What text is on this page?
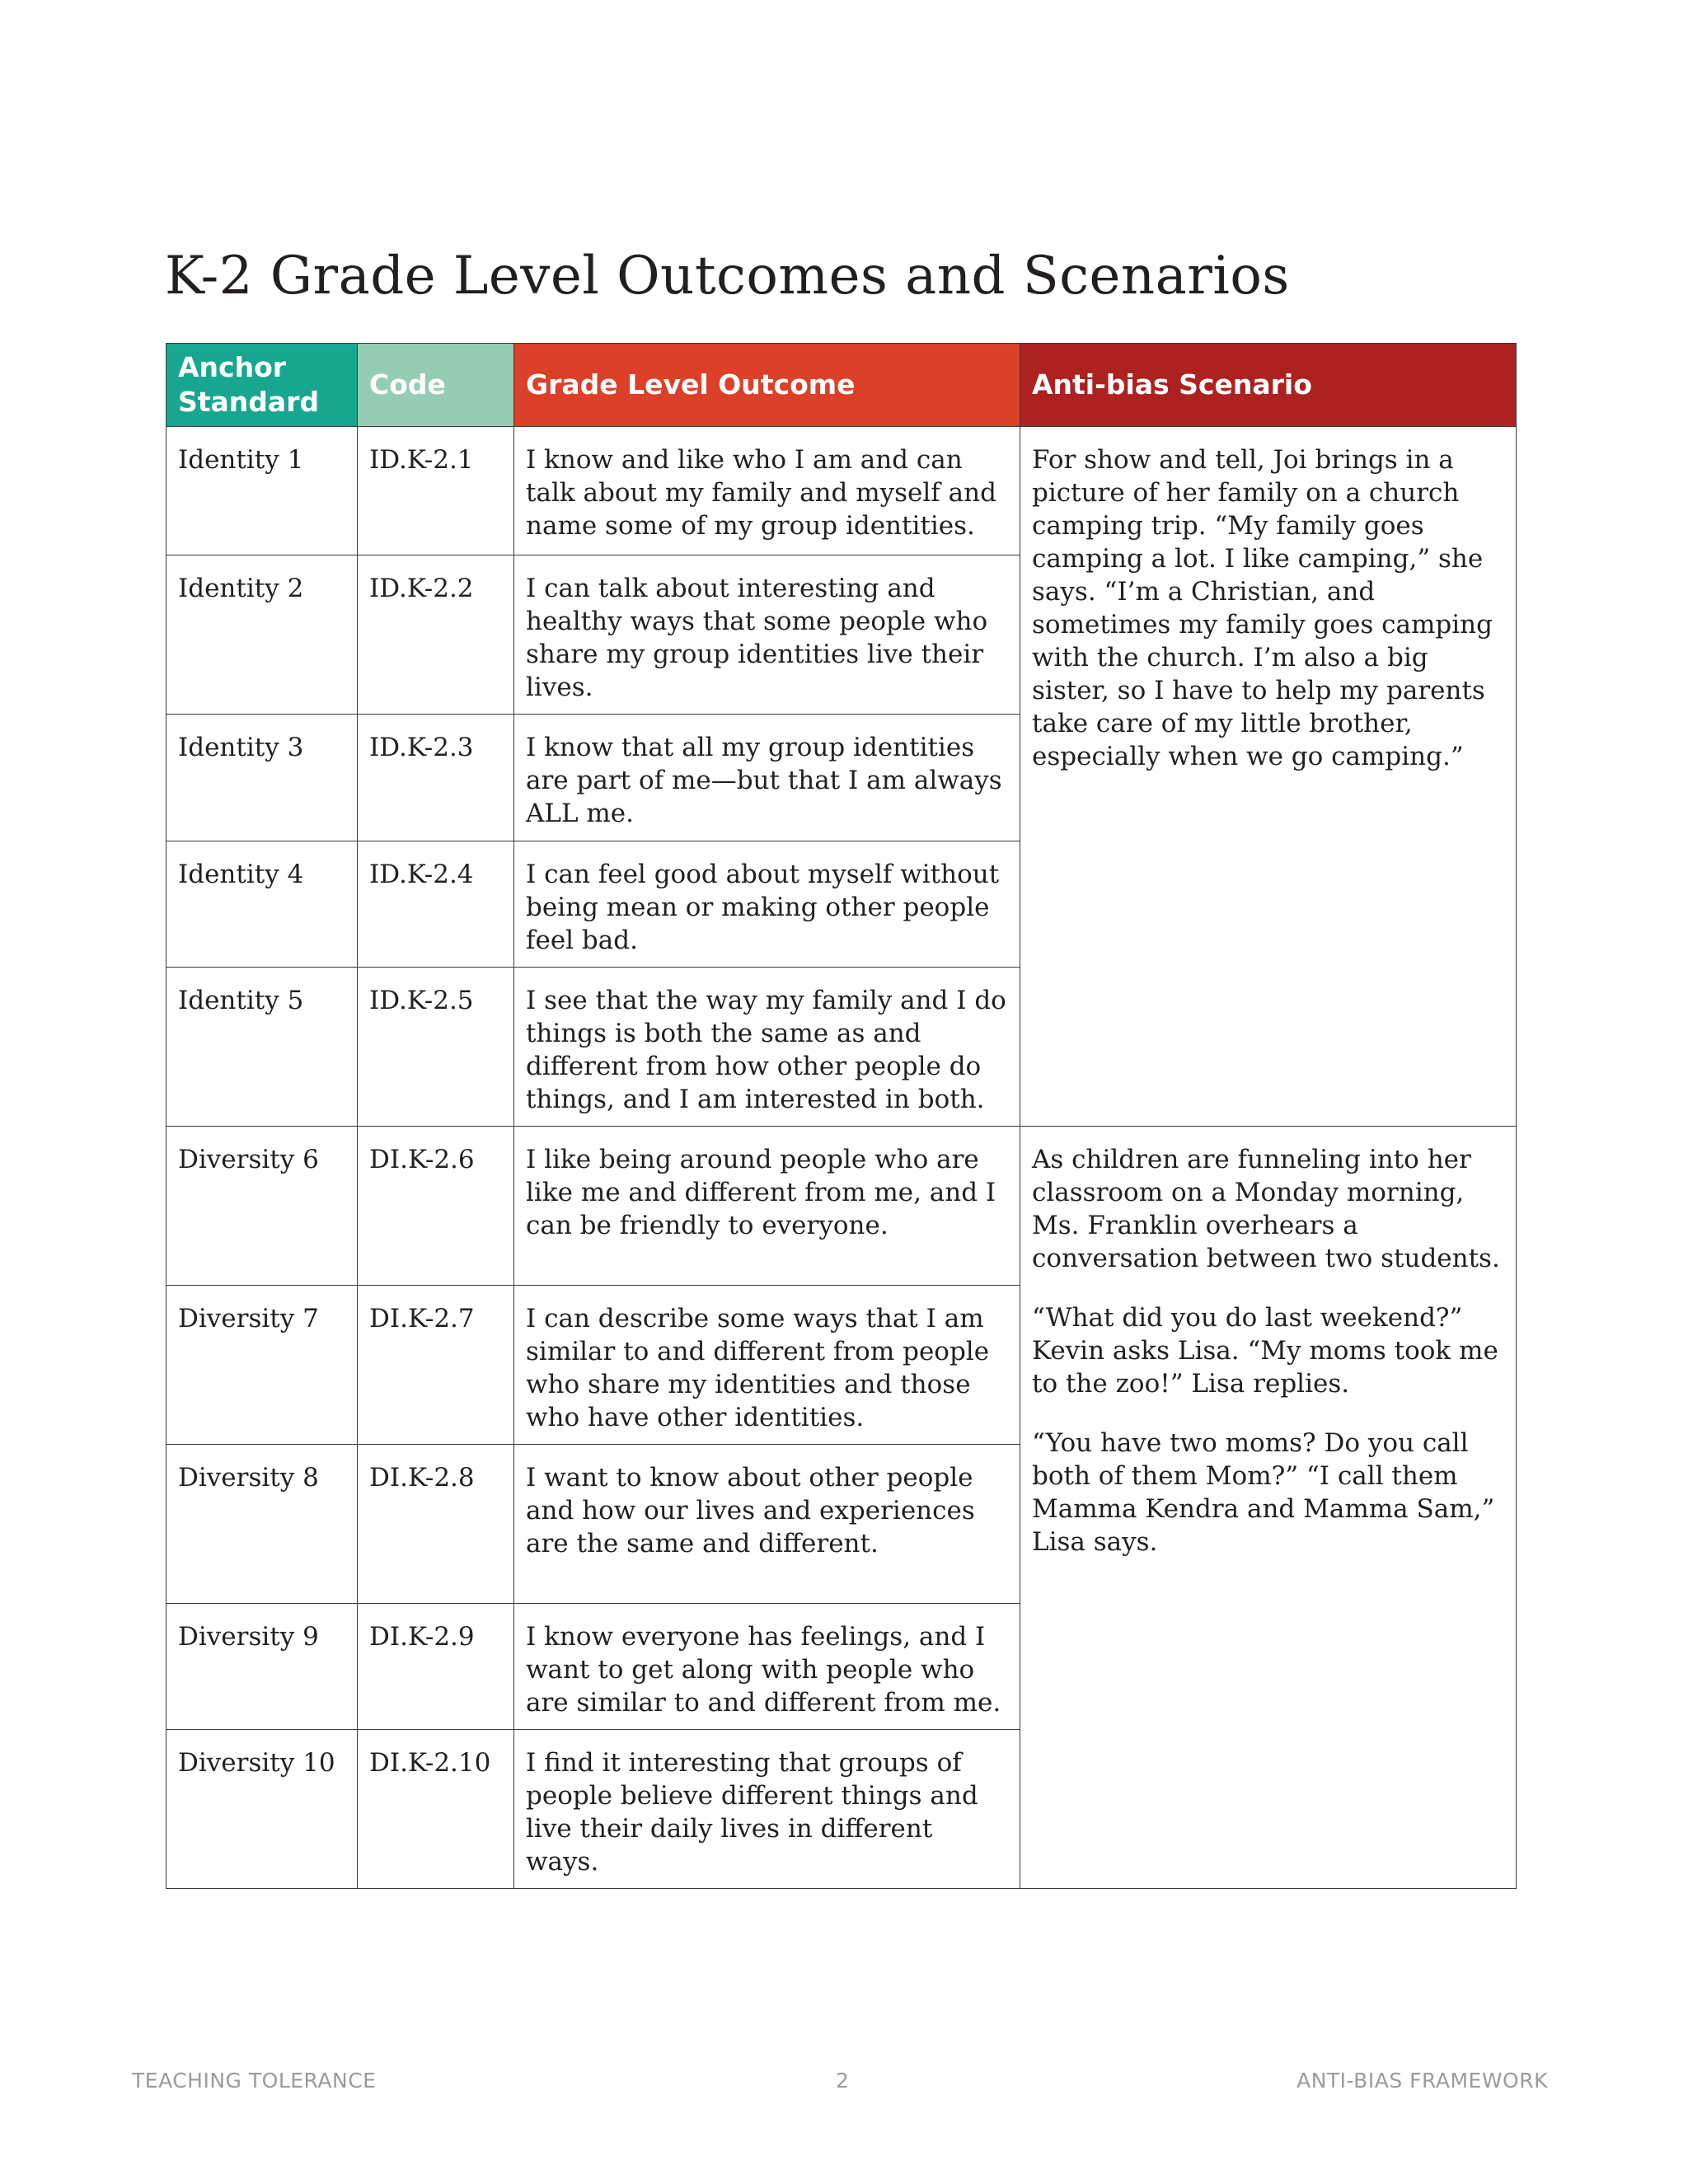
K-2 Grade Level Outcomes and Scenarios
Anchor Standard	Code	Grade Level Outcome	Anti-bias Scenario
Identity 1	ID.K-2.1	I know and like who I am and can talk about my family and myself and name some of my group identities.	For show and tell, Joi brings in a picture of her family on a church camping trip. “My family goes camping a lot. I like camping,” she says. “I’m a Christian, and sometimes my family goes camping with the church. I’m also a big sister, so I have to help my parents take care of my little brother, especially when we go camping.”

Identity 2	ID.K-2.2	I can talk about interesting and healthy ways that some people who share my group identities live their lives.	
Identity 3	ID.K-2.3	I know that all my group identities are part of me—but that I am always ALL me.	
Identity 4	ID.K-2.4	I can feel good about myself without being mean or making other people feel bad.	
Identity 5	ID.K-2.5	I see that the way my family and I do things is both the same as and different from how other people do things, and I am interested in both.	
Diversity 6	DI.K-2.6	I like being around people who are like me and different from me, and I can be friendly to everyone.	As children are funneling into her classroom on a Monday morning, Ms. Franklin overhears a conversation between two students.

“What did you do last weekend?” Kevin asks Lisa. “My moms took me to the zoo!” Lisa replies.

“You have two moms? Do you call both of them Mom?” “I call them Mamma Kendra and Mamma Sam,” Lisa says.

Diversity 7	DI.K-2.7	I can describe some ways that I am similar to and different from people who share my identities and those who have other identities.	
Diversity 8	DI.K-2.8	I want to know about other people and how our lives and experiences are the same and different.	
Diversity 9	DI.K-2.9	I know everyone has feelings, and I want to get along with people who are similar to and different from me.	
Diversity 10	DI.K-2.10	I find it interesting that groups of people believe different things and live their daily lives in different ways.	
TEACHING TOLERANCE	2	ANTI-BIAS FRAMEWORK
